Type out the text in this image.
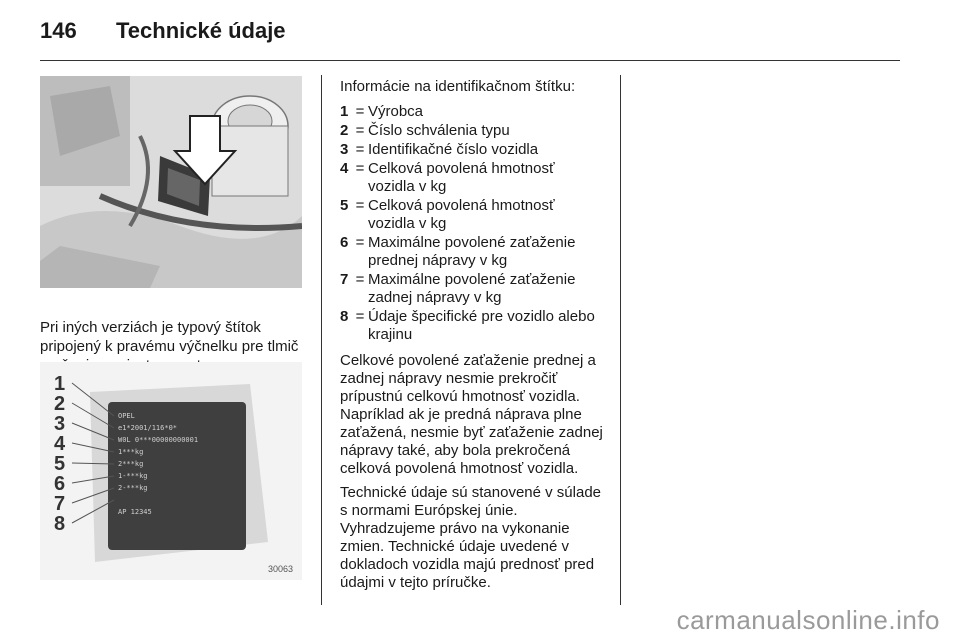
146	Technické údaje

Pri iných verziách je typový štítok pripojený k pravému výčnelku pre tlmič

OPEL
e1*2001/116*0*
W0L 0***00000000001
1***kg
2***kg
1-***kg
2-***kg
AP 12345
1
2
3
4
5
6
7
8
30063

Informácie na identifikačnom štítku:

1 = Výrobca
2 = Číslo schválenia typu
3 = Identifikačné číslo vozidla
4 = Celková povolená hmotnosť vozidla v kg
5 = Celková povolená hmotnosť vozidla v kg
6 = Maximálne povolené zaťaženie prednej nápravy v kg
7 = Maximálne povolené zaťaženie zadnej nápravy v kg
8 = Údaje špecifické pre vozidlo alebo krajinu

Celkové povolené zaťaženie prednej a zadnej nápravy nesmie prekročiť prípustnú celkovú hmotnosť vozidla. Napríklad ak je predná náprava plne zaťažená, nesmie byť zaťaženie zadnej nápravy také, aby bola prekročená celková povolená hmotnosť vozidla.

Technické údaje sú stanovené v súlade s normami Európskej únie. Vyhradzujeme právo na vykonanie zmien. Technické údaje uvedené v dokladoch vozidla majú prednosť pred údajmi v tejto príručke.

carmanualsonline.info
